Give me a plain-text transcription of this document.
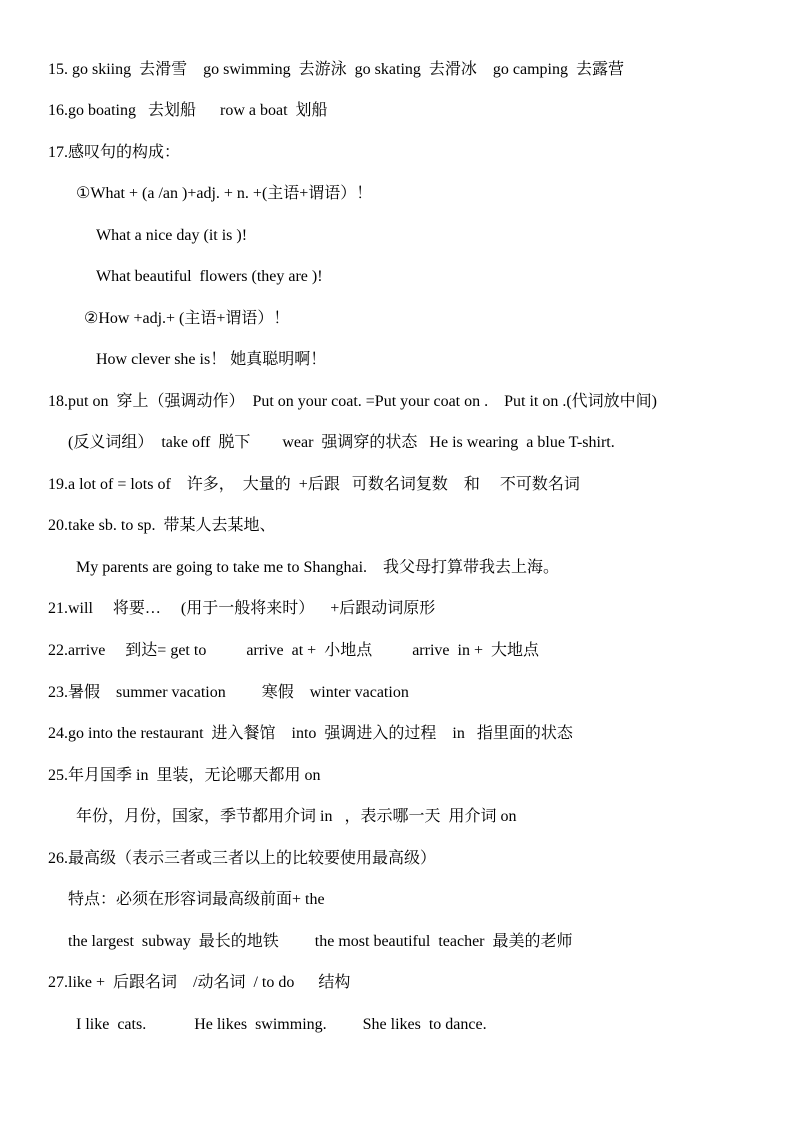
15. go skiing  去滑雪    go swimming  去游泳  go skating  去滑冰    go camping  去露营
16.go boating   去划船      row a boat  划船
17.感叹句的构成：
①What + (a /an )+adj. + n. +(主语+谓语）！
What a nice day (it is )!
What beautiful  flowers (they are )!
②How +adj.+ (主语+谓语）！
How clever she is！ 她真聪明啊！
18.put on  穿上（强调动作）  Put on your coat. =Put your coat on .    Put it on .(代词放中间)
(反义词组）  take off  脱下        wear  强调穿的状态   He is wearing  a blue T-shirt.
19.a lot of = lots of    许多，  大量的  +后跟   可数名词复数    和     不可数名词
20.take sb. to sp.  带某人去某地、
My parents are going to take me to Shanghai.    我父母打算带我去上海。
21.will     将要…     (用于一般将来时）    +后跟动词原形
22.arrive     到达= get to          arrive  at +  小地点          arrive  in +  大地点
23.暑假    summer vacation         寒假    winter vacation
24.go into the restaurant  进入餐馆    into  强调进入的过程    in   指里面的状态
25.年月国季 in  里装，无论哪天都用 on
年份，月份，国家，季节都用介词 in   ，表示哪一天  用介词 on
26.最高级（表示三者或三者以上的比较要使用最高级）
特点：必须在形容词最高级前面+ the
the largest  subway  最长的地铁         the most beautiful  teacher  最美的老师
27.like +  后跟名词    /动名词  / to do      结构
I like  cats.            He likes  swimming.         She likes  to dance.
